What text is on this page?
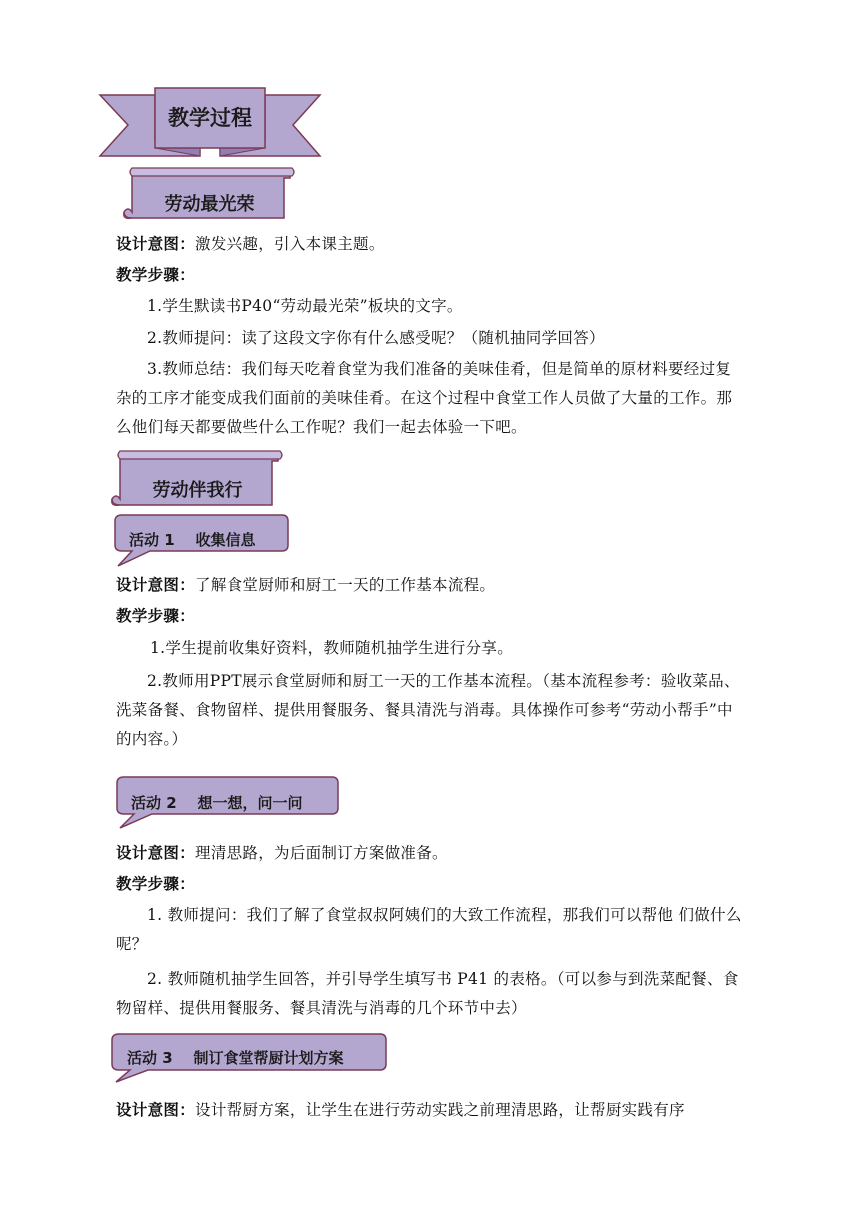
教学过程
劳动最光荣
设计意图：激发兴趣，引入本课主题。
教学步骤：
1.学生默读书P40“劳动最光荣”板块的文字。
2.教师提问：读了这段文字你有什么感受呢？（随机抽同学回答）
3.教师总结：我们每天吃着食堂为我们准备的美味佳肴，但是简单的原材料要经过复杂的工序才能变成我们面前的美味佳肴。在这个过程中食堂工作人员做了大量的工作。那么他们每天都要做些什么工作呢？我们一起去体验一下吧。
劳动伴我行
活动 1    收集信息
设计意图：了解食堂厨师和厨工一天的工作基本流程。
教学步骤：
1.学生提前收集好资料，教师随机抽学生进行分享。
2.教师用PPT展示食堂厨师和厨工一天的工作基本流程。（基本流程参考：验收菜品、洗菜备餐、食物留样、提供用餐服务、餐具清洗与消毒。具体操作可参考“劳动小帮手”中的内容。）
活动 2    想一想，问一问
设计意图：理清思路，为后面制订方案做准备。
教学步骤：
1. 教师提问：我们了解了食堂叔叔阿姨们的大致工作流程，那我们可以帮他 们做什么呢？
2. 教师随机抽学生回答，并引导学生填写书 P41 的表格。（可以参与到洗菜配餐、食物留样、提供用餐服务、餐具清洗与消毒的几个环节中去）
活动 3    制订食堂帮厨计划方案
设计意图：设计帮厨方案，让学生在进行劳动实践之前理清思路，让帮厨实践有序
